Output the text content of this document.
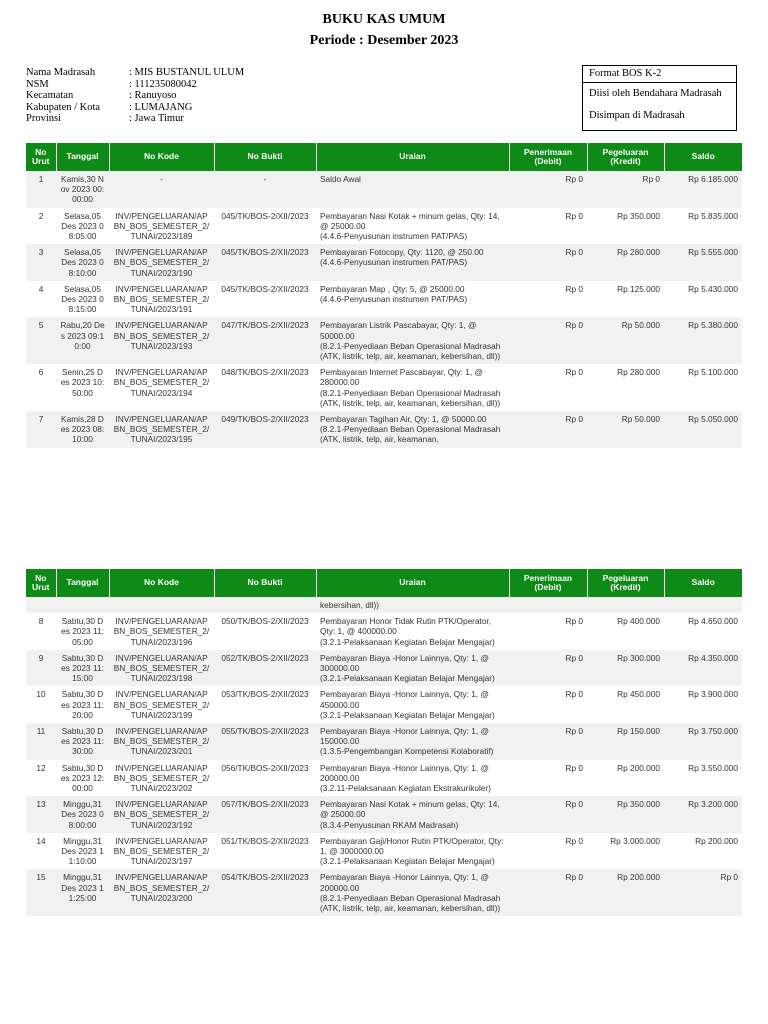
BUKU KAS UMUM
Periode : Desember 2023
Nama Madrasah	: MIS BUSTANUL ULUM
NSM	: 111235080042
Kecamatan	: Ranuyoso
Kabupaten / Kota	: LUMAJANG
Provinsi	: Jawa Timur
Format BOS K-2
Diisi oleh Bendahara Madrasah
Disimpan di Madrasah
No Urut	Tanggal	No Kode	No Bukti	Uraian	Penerimaan (Debit)	Pegeluaran (Kredit)	Saldo
1	Kamis,30 Nov 2023 00:00:00	-	-	Saldo Awal	Rp 0	Rp 0	Rp 6.185.000
2	Selasa,05 Des 2023 08:05:00	INV/PENGELUARAN/APBN_BOS_SEMESTER_2/TUNAI/2023/189	045/TK/BOS-2/XII/2023	Pembayaran Nasi Kotak + minum gelas, Qty: 14, @ 25000.00
(4.4.6-Penyusunan instrumen PAT/PAS)	Rp 0	Rp 350.000	Rp 5.835.000
3	Selasa,05 Des 2023 08:10:00	INV/PENGELUARAN/APBN_BOS_SEMESTER_2/TUNAI/2023/190	045/TK/BOS-2/XII/2023	Pembayaran Fotocopy, Qty: 1120, @ 250.00
(4.4.6-Penyusunan instrumen PAT/PAS)	Rp 0	Rp 280.000	Rp 5.555.000
4	Selasa,05 Des 2023 08:15:00	INV/PENGELUARAN/APBN_BOS_SEMESTER_2/TUNAI/2023/191	045/TK/BOS-2/XII/2023	Pembayaran Map , Qty: 5, @ 25000.00
(4.4.6-Penyusunan instrumen PAT/PAS)	Rp 0	Rp 125.000	Rp 5.430.000
5	Rabu,20 Des 2023 09:10:00	INV/PENGELUARAN/APBN_BOS_SEMESTER_2/TUNAI/2023/193	047/TK/BOS-2/XII/2023	Pembayaran Listrik Pascabayar, Qty: 1, @ 50000.00
(8.2.1-Penyediaan Beban Operasional Madrasah (ATK, listrik, telp, air, keamanan, kebersihan, dll))	Rp 0	Rp 50.000	Rp 5.380.000
6	Senin,25 Des 2023 10:50:00	INV/PENGELUARAN/APBN_BOS_SEMESTER_2/TUNAI/2023/194	048/TK/BOS-2/XII/2023	Pembayaran Internet Pascabayar, Qty: 1, @ 280000.00
(8.2.1-Penyediaan Beban Operasional Madrasah (ATK, listrik, telp, air, keamanan, kebersihan, dll))	Rp 0	Rp 280.000	Rp 5.100.000
7	Kamis,28 Des 2023 08:10:00	INV/PENGELUARAN/APBN_BOS_SEMESTER_2/TUNAI/2023/195	049/TK/BOS-2/XII/2023	Pembayaran Tagihan Air, Qty: 1, @ 50000.00
(8.2.1-Penyediaan Beban Operasional Madrasah (ATK, listrik, telp, air, keamanan,	Rp 0	Rp 50.000	Rp 5.050.000
No Urut	Tanggal	No Kode	No Bukti	Uraian	Penerimaan (Debit)	Pegeluaran (Kredit)	Saldo

				kebersihan, dll))			

8	Sabtu,30 Des 2023 11:05:00	INV/PENGELUARAN/APBN_BOS_SEMESTER_2/TUNAI/2023/196	050/TK/BOS-2/XII/2023	Pembayaran Honor Tidak Rutin PTK/Operator, Qty: 1, @ 400000.00
(3.2.1-Pelaksanaan Kegiatan Belajar Mengajar)	Rp 0	Rp 400.000	Rp 4.650.000
9	Sabtu,30 Des 2023 11:15:00	INV/PENGELUARAN/APBN_BOS_SEMESTER_2/TUNAI/2023/198	052/TK/BOS-2/XII/2023	Pembayaran Biaya -Honor Lainnya, Qty: 1, @ 300000.00
(3.2.1-Pelaksanaan Kegiatan Belajar Mengajar)	Rp 0	Rp 300.000	Rp 4.350.000
10	Sabtu,30 Des 2023 11:20:00	INV/PENGELUARAN/APBN_BOS_SEMESTER_2/TUNAI/2023/199	053/TK/BOS-2/XII/2023	Pembayaran Biaya -Honor Lainnya, Qty: 1, @ 450000.00
(3.2.1-Pelaksanaan Kegiatan Belajar Mengajar)	Rp 0	Rp 450.000	Rp 3.900.000
11	Sabtu,30 Des 2023 11:30:00	INV/PENGELUARAN/APBN_BOS_SEMESTER_2/TUNAI/2023/201	055/TK/BOS-2/XII/2023	Pembayaran Biaya -Honor Lainnya, Qty: 1, @ 150000.00
(1.3.5-Pengembangan Kompetensi Kolaboratif)	Rp 0	Rp 150.000	Rp 3.750.000
12	Sabtu,30 Des 2023 12:00:00	INV/PENGELUARAN/APBN_BOS_SEMESTER_2/TUNAI/2023/202	056/TK/BOS-2/XII/2023	Pembayaran Biaya -Honor Lainnya, Qty: 1, @ 200000.00
(3.2.11-Pelaksanaan Kegiatan Ekstrakurikuler)	Rp 0	Rp 200.000	Rp 3.550.000
13	Minggu,31 Des 2023 08:00:00	INV/PENGELUARAN/APBN_BOS_SEMESTER_2/TUNAI/2023/192	057/TK/BOS-2/XII/2023	Pembayaran Nasi Kotak + minum gelas, Qty: 14, @ 25000.00
(8.3.4-Penyusunan RKAM Madrasah)	Rp 0	Rp 350.000	Rp 3.200.000
14	Minggu,31 Des 2023 11:10:00	INV/PENGELUARAN/APBN_BOS_SEMESTER_2/TUNAI/2023/197	051/TK/BOS-2/XII/2023	Pembayaran Gaji/Honor Rutin PTK/Operator, Qty: 1, @ 3000000.00
(3.2.1-Pelaksanaan Kegiatan Belajar Mengajar)	Rp 0	Rp 3.000.000	Rp 200.000
15	Minggu,31 Des 2023 11:25:00	INV/PENGELUARAN/APBN_BOS_SEMESTER_2/TUNAI/2023/200	054/TK/BOS-2/XII/2023	Pembayaran Biaya -Honor Lainnya, Qty: 1, @ 200000.00
(8.2.1-Penyediaan Beban Operasional Madrasah (ATK, listrik, telp, air, keamanan, kebersihan, dll))	Rp 0	Rp 200.000	Rp 0
